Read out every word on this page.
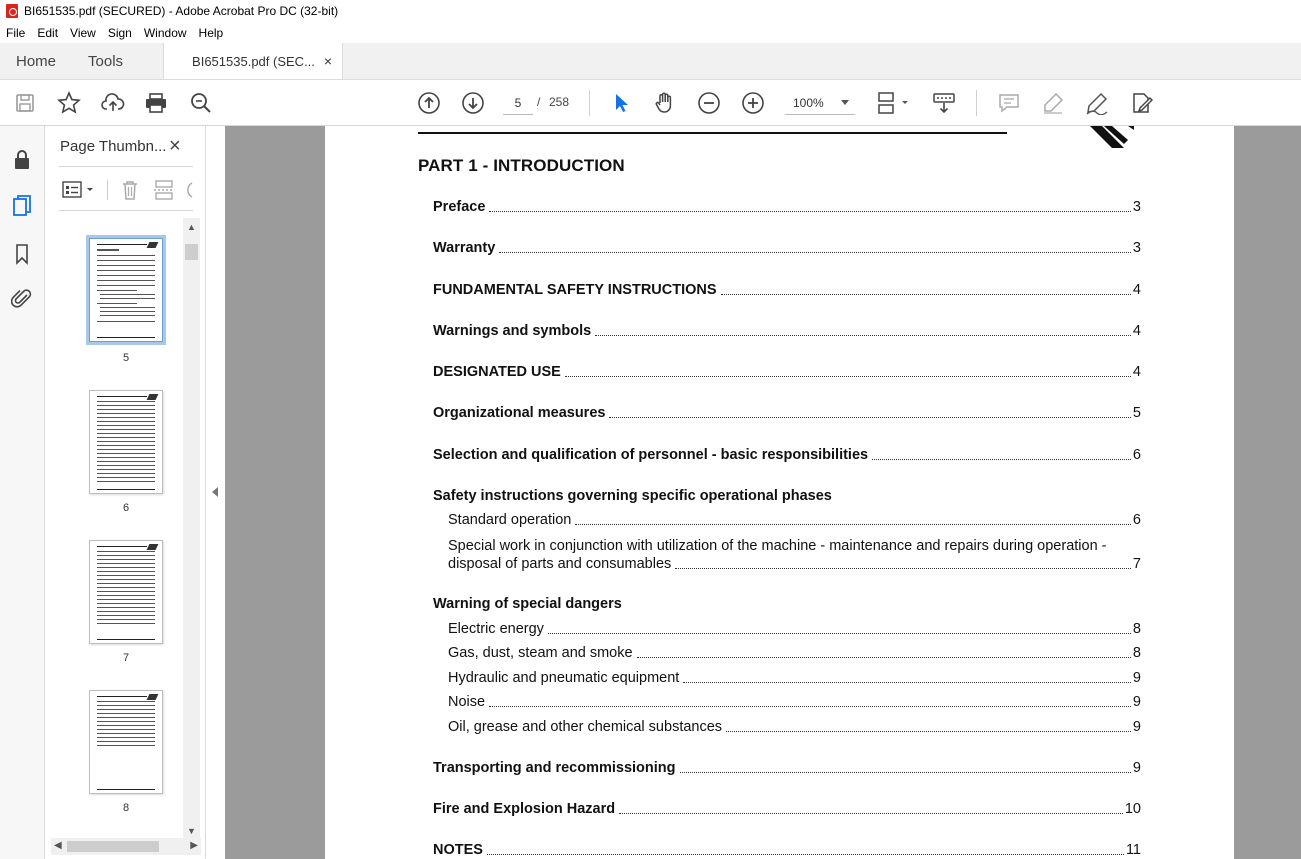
BI651535.pdf (SECURED) - Adobe Acrobat Pro DC (32-bit)
File	Edit	View	Sign	Window	Help
Home	Tools	BI651535.pdf (SEC... ×
5
/ 258	100%
Page Thumbn... ×
5
6
7
8
▲
▼
◀	▶
PART 1 - INTRODUCTION
Preface	3
Warranty	3
FUNDAMENTAL SAFETY INSTRUCTIONS	4
Warnings and symbols	4
DESIGNATED USE	4
Organizational measures	5
Selection and qualification of personnel - basic responsibilities	6
Safety instructions governing specific operational phases
Standard operation	6
Special work in conjunction with utilization of the machine - maintenance and repairs during operation -
disposal of parts and consumables	7
Warning of special dangers
Electric energy	8
Gas, dust, steam and smoke	8
Hydraulic and pneumatic equipment	9
Noise	9
Oil, grease and other chemical substances	9
Transporting and recommissioning	9
Fire and Explosion Hazard	10
NOTES	11
